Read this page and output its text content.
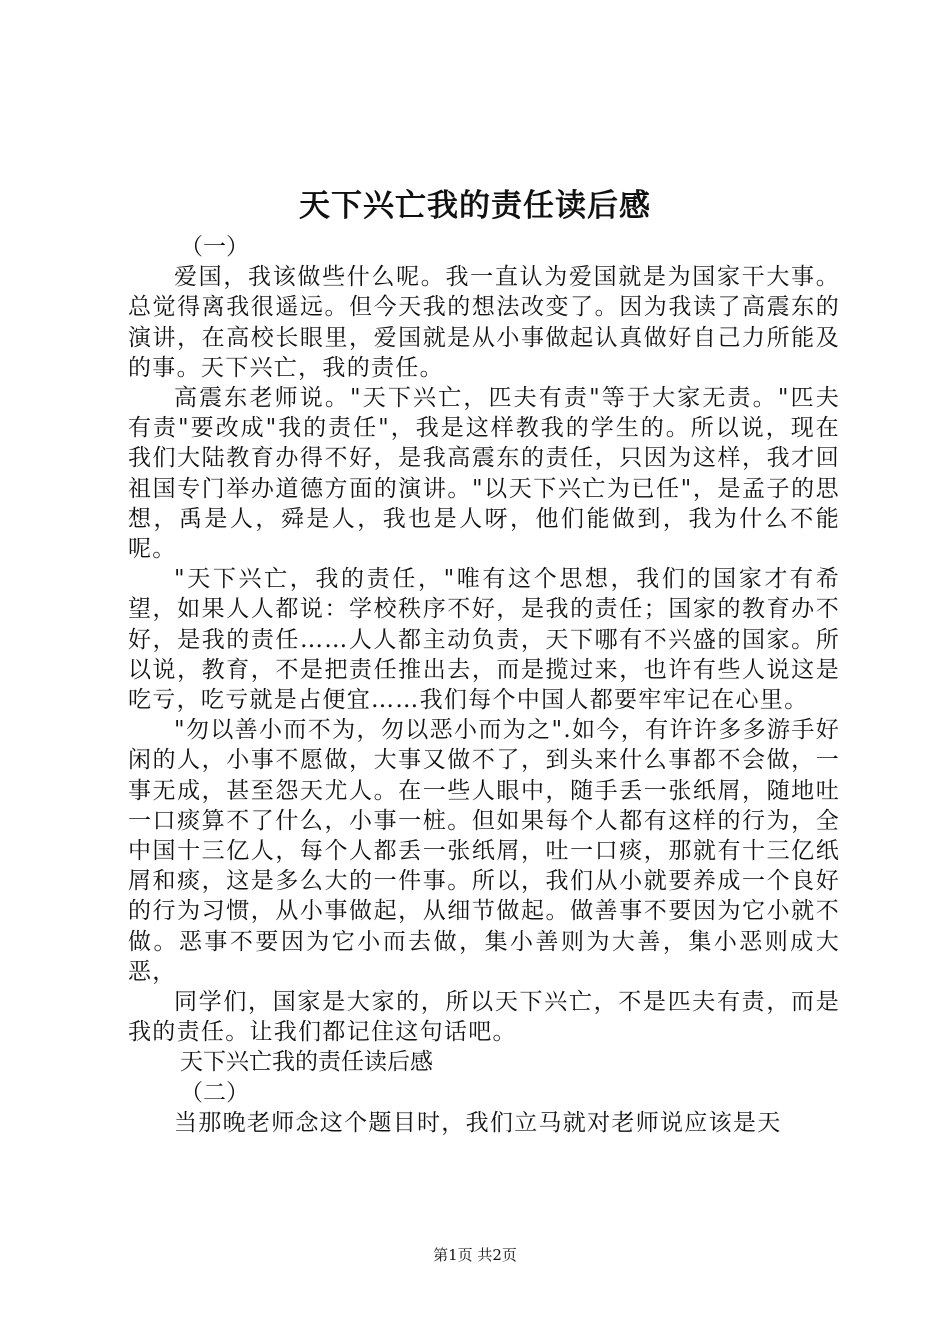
天下兴亡我的责任读后感

（一）

爱国，我该做些什么呢。我一直认为爱国就是为国家干大事。总觉得离我很遥远。但今天我的想法改变了。因为我读了高震东的演讲，在高校长眼里，爱国就是从小事做起认真做好自己力所能及的事。天下兴亡，我的责任。

高震东老师说。"天下兴亡，匹夫有责"等于大家无责。"匹夫有责"要改成"我的责任"，我是这样教我的学生的。所以说，现在我们大陆教育办得不好，是我高震东的责任，只因为这样，我才回祖国专门举办道德方面的演讲。"以天下兴亡为已任"，是孟子的思想，禹是人，舜是人，我也是人呀，他们能做到，我为什么不能呢。

"天下兴亡，我的责任，"唯有这个思想，我们的国家才有希望，如果人人都说：学校秩序不好，是我的责任；国家的教育办不好，是我的责任……人人都主动负责，天下哪有不兴盛的国家。所以说，教育，不是把责任推出去，而是揽过来，也许有些人说这是吃亏，吃亏就是占便宜……我们每个中国人都要牢牢记在心里。

"勿以善小而不为，勿以恶小而为之".如今，有许许多多游手好闲的人，小事不愿做，大事又做不了，到头来什么事都不会做，一事无成，甚至怨天尤人。在一些人眼中，随手丢一张纸屑，随地吐一口痰算不了什么，小事一桩。但如果每个人都有这样的行为，全中国十三亿人，每个人都丢一张纸屑，吐一口痰，那就有十三亿纸屑和痰，这是多么大的一件事。所以，我们从小就要养成一个良好的行为习惯，从小事做起，从细节做起。做善事不要因为它小就不做。恶事不要因为它小而去做，集小善则为大善，集小恶则成大恶，

同学们，国家是大家的，所以天下兴亡，不是匹夫有责，而是我的责任。让我们都记住这句话吧。

天下兴亡我的责任读后感

（二）

当那晚老师念这个题目时，我们立马就对老师说应该是天

第1页 共2页
